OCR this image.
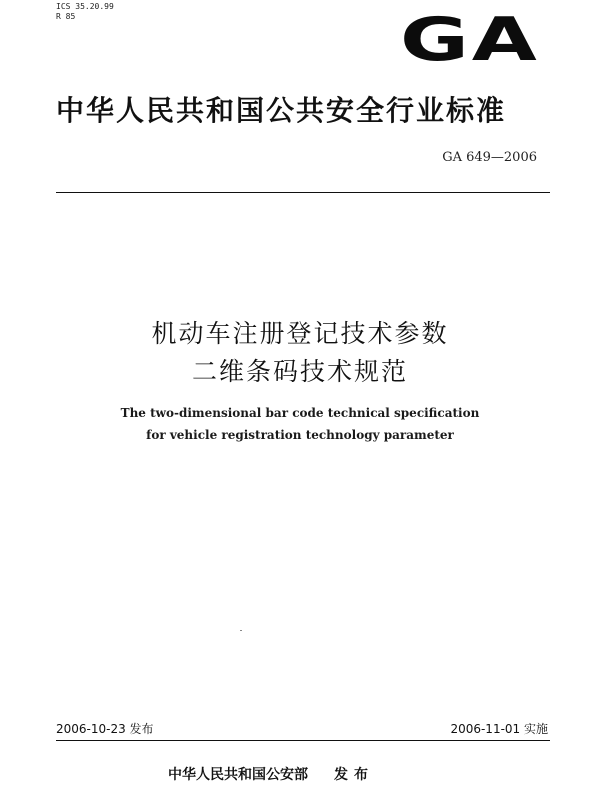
ICS 35.20.99
R 85	GA
中华人民共和国公共安全行业标准
GA 649—2006
机动车注册登记技术参数
二维条码技术规范
The two-dimensional bar code technical specification
for vehicle registration technology parameter
2006-10-23 发布	2006-11-01 实施
中华人民共和国公安部 发布
